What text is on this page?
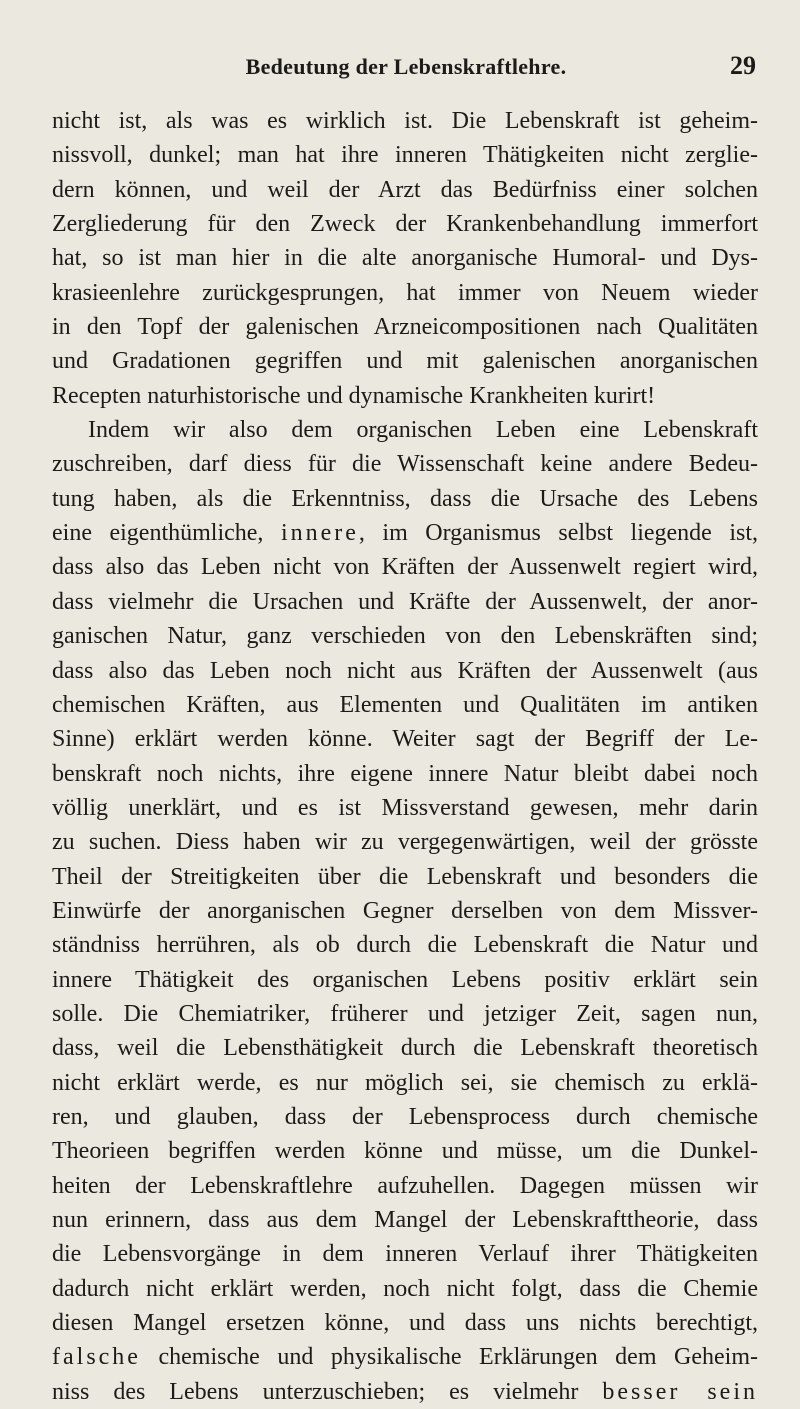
Bedeutung der Lebenskraftlehre.	29
nicht ist, als was es wirklich ist. Die Lebenskraft ist geheim-
nissvoll, dunkel; man hat ihre inneren Thätigkeiten nicht zerglie-
dern können, und weil der Arzt das Bedürfniss einer solchen
Zergliederung für den Zweck der Krankenbehandlung immerfort
hat, so ist man hier in die alte anorganische Humoral- und Dys-
krasieenlehre zurückgesprungen, hat immer von Neuem wieder
in den Topf der galenischen Arzneicompositionen nach Qualitäten
und Gradationen gegriffen und mit galenischen anorganischen
Recepten naturhistorische und dynamische Krankheiten kurirt!
Indem wir also dem organischen Leben eine Lebenskraft
zuschreiben, darf diess für die Wissenschaft keine andere Bedeu-
tung haben, als die Erkenntniss, dass die Ursache des Lebens
eine eigenthümliche, innere, im Organismus selbst liegende ist,
dass also das Leben nicht von Kräften der Aussenwelt regiert wird,
dass vielmehr die Ursachen und Kräfte der Aussenwelt, der anor-
ganischen Natur, ganz verschieden von den Lebenskräften sind;
dass also das Leben noch nicht aus Kräften der Aussenwelt (aus
chemischen Kräften, aus Elementen und Qualitäten im antiken
Sinne) erklärt werden könne. Weiter sagt der Begriff der Le-
benskraft noch nichts, ihre eigene innere Natur bleibt dabei noch
völlig unerklärt, und es ist Missverstand gewesen, mehr darin
zu suchen. Diess haben wir zu vergegenwärtigen, weil der grösste
Theil der Streitigkeiten über die Lebenskraft und besonders die
Einwürfe der anorganischen Gegner derselben von dem Missver-
ständniss herrühren, als ob durch die Lebenskraft die Natur und
innere Thätigkeit des organischen Lebens positiv erklärt sein
solle. Die Chemiatriker, früherer und jetziger Zeit, sagen nun,
dass, weil die Lebensthätigkeit durch die Lebenskraft theoretisch
nicht erklärt werde, es nur möglich sei, sie chemisch zu erklä-
ren, und glauben, dass der Lebensprocess durch chemische
Theorieen begriffen werden könne und müsse, um die Dunkel-
heiten der Lebenskraftlehre aufzuhellen. Dagegen müssen wir
nun erinnern, dass aus dem Mangel der Lebenskrafttheorie, dass
die Lebensvorgänge in dem inneren Verlauf ihrer Thätigkeiten
dadurch nicht erklärt werden, noch nicht folgt, dass die Chemie
diesen Mangel ersetzen könne, und dass uns nichts berechtigt,
falsche chemische und physikalische Erklärungen dem Geheim-
niss des Lebens unterzuschieben; es vielmehr besser sein
